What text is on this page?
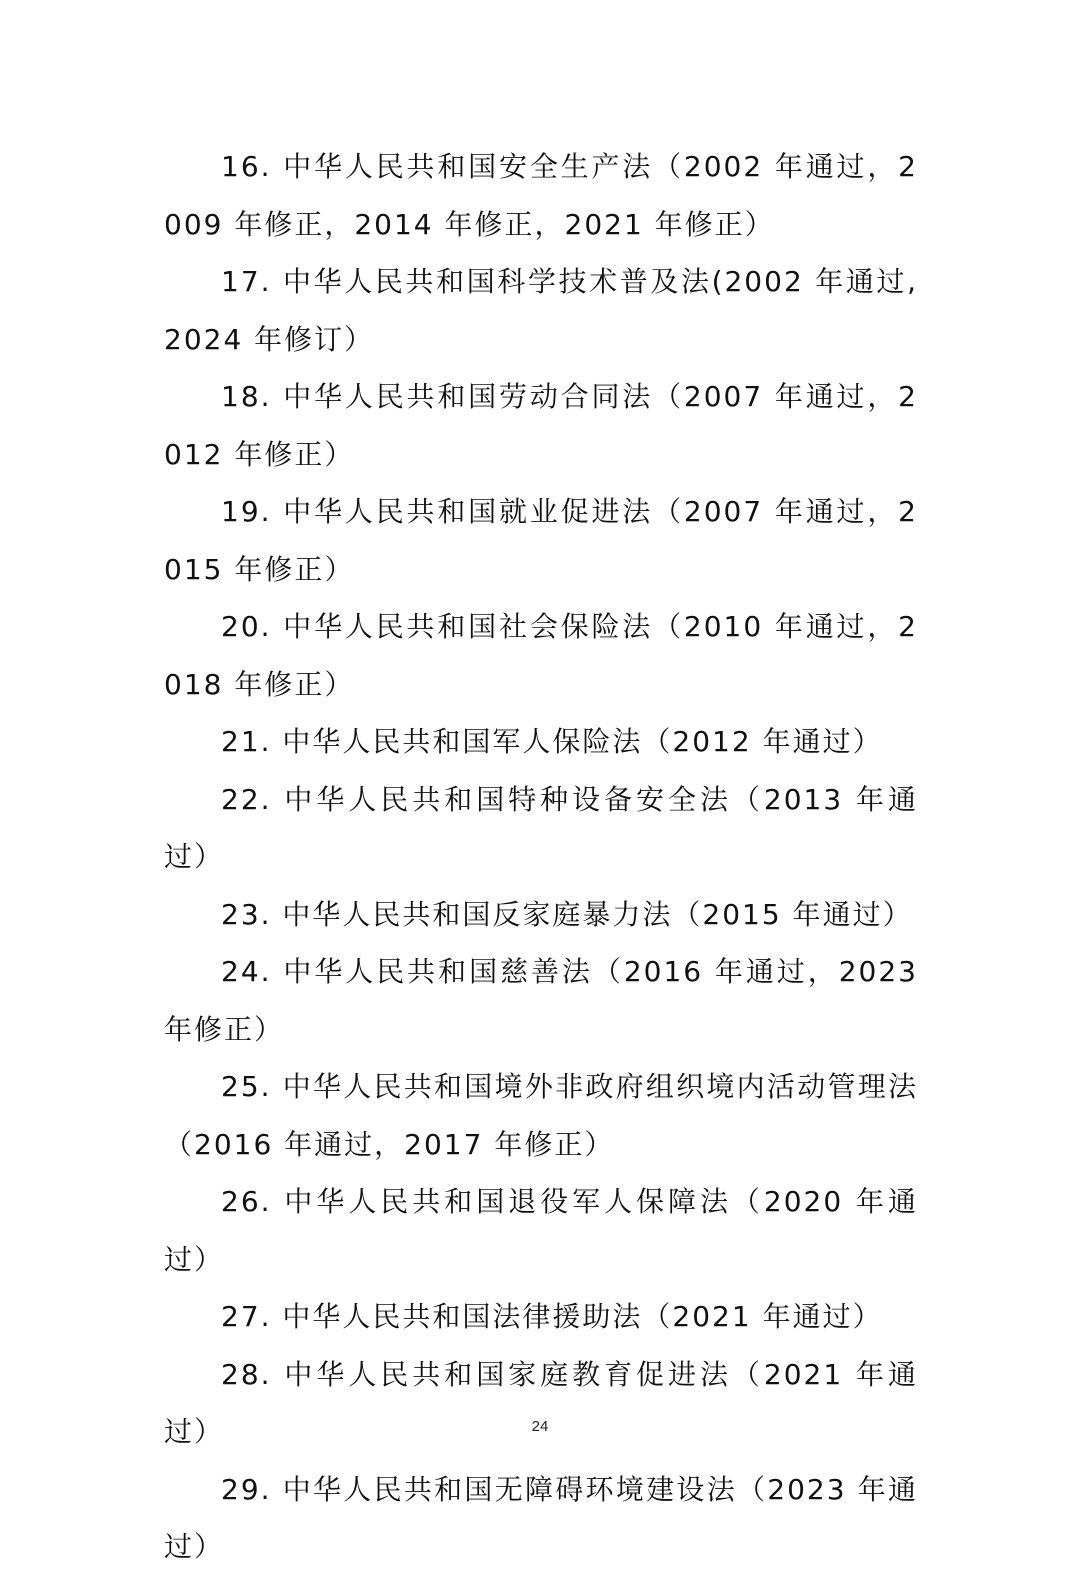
16. 中华人民共和国安全生产法（2002 年通过，2009 年修正，2014 年修正，2021 年修正）

17. 中华人民共和国科学技术普及法(2002 年通过,2024 年修订）

18. 中华人民共和国劳动合同法（2007 年通过，2012 年修正）

19. 中华人民共和国就业促进法（2007 年通过，2015 年修正）

20. 中华人民共和国社会保险法（2010 年通过，2018 年修正）

21. 中华人民共和国军人保险法（2012 年通过）

22. 中华人民共和国特种设备安全法（2013 年通过）

23. 中华人民共和国反家庭暴力法（2015 年通过）

24. 中华人民共和国慈善法（2016 年通过，2023 年修正）

25. 中华人民共和国境外非政府组织境内活动管理法（2016 年通过，2017 年修正）

26. 中华人民共和国退役军人保障法（2020 年通过）

27. 中华人民共和国法律援助法（2021 年通过）

28. 中华人民共和国家庭教育促进法（2021 年通过）

29. 中华人民共和国无障碍环境建设法（2023 年通过）

24
